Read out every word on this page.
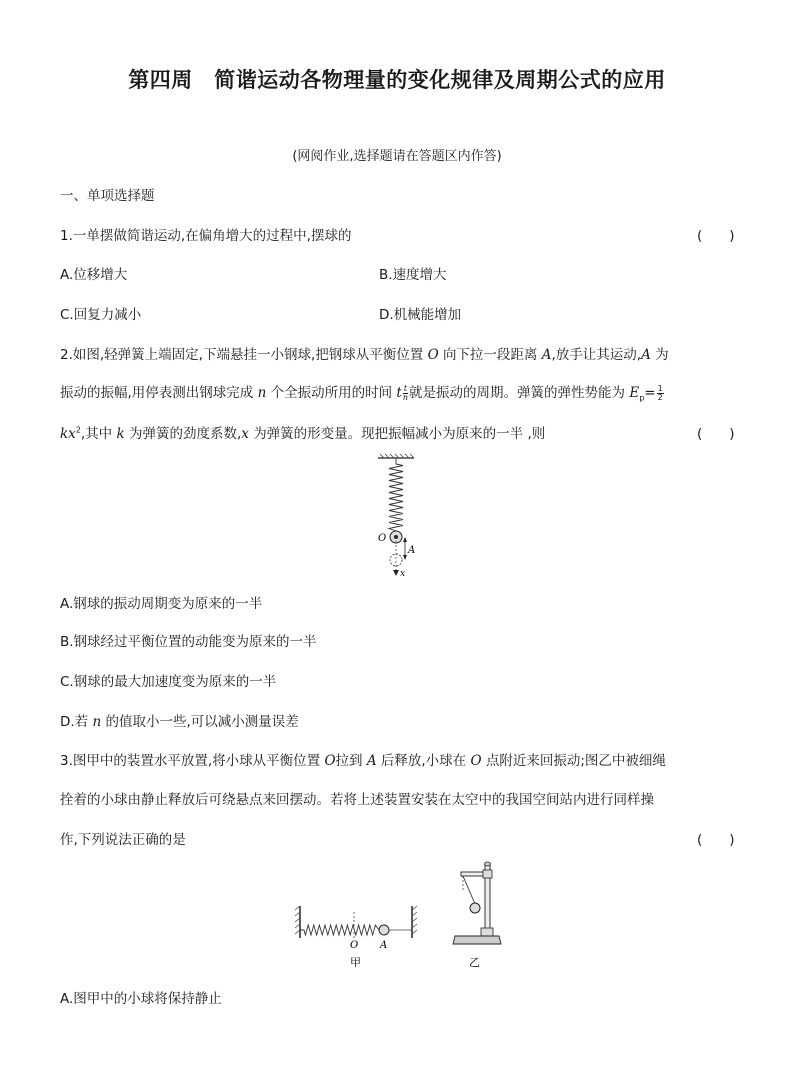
第四周　简谐运动各物理量的变化规律及周期公式的应用
(网阅作业,选择题请在答题区内作答)
一、单项选择题
1.一单摆做简谐运动,在偏角增大的过程中,摆球的	(　　)
A.位移增大	B.速度增大
C.回复力减小	D.机械能增加
2.如图,轻弹簧上端固定,下端悬挂一小钢球,把钢球从平衡位置 O 向下拉一段距离 A,放手让其运动,A 为
振动的振幅,用停表测出钢球完成 n 个全振动所用的时间 t $\frac{t}{n}$ 就是振动的周期。弹簧的弹性势能为 $E_p= \frac{1}{2}$
$kx^2$,其中 k 为弹簧的劲度系数,x 为弹簧的形变量。现把振幅减小为原来的一半 ,则	(　　)
O
A
x
A.钢球的振动周期变为原来的一半
B.钢球经过平衡位置的动能变为原来的一半
C.钢球的最大加速度变为原来的一半
D.若 n 的值取小一些,可以减小测量误差
3.图甲中的装置水平放置,将小球从平衡位置 O拉到 A 后释放,小球在 O 点附近来回振动;图乙中被细绳
拴着的小球由静止释放后可绕悬点来回摆动。若将上述装置安装在太空中的我国空间站内进行同样操
作,下列说法正确的是	(　　)
O A
甲	乙
A.图甲中的小球将保持静止
